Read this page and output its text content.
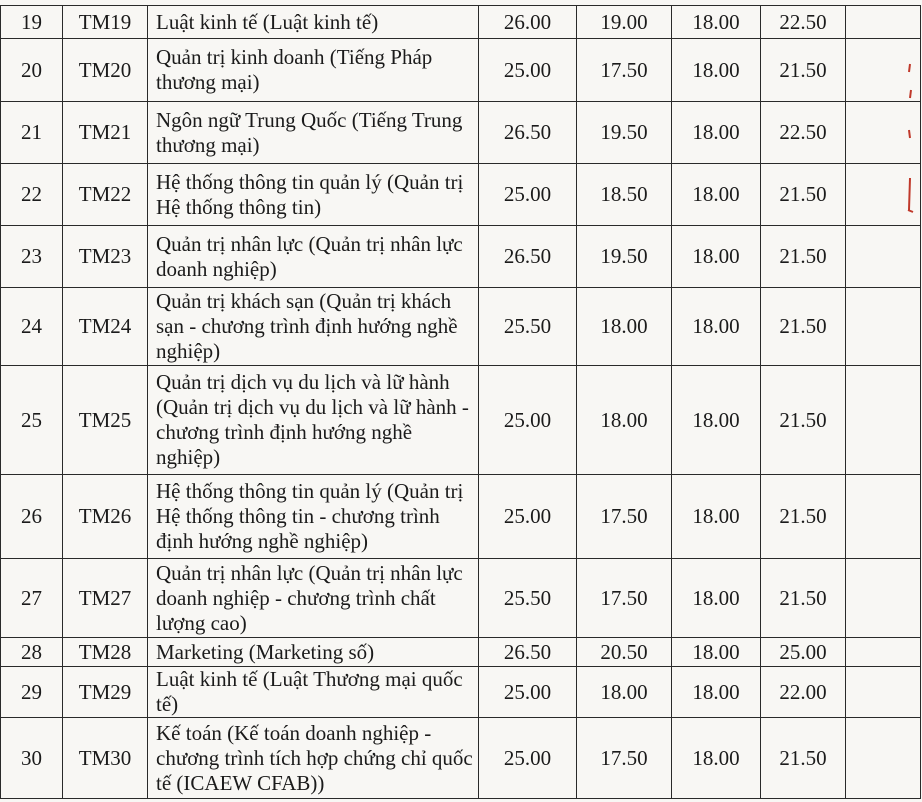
19	TM19	Luật kinh tế (Luật kinh tế)	26.00	19.00	18.00	22.50	
20	TM20	Quản trị kinh doanh (Tiếng Pháp thương mại)	25.00	17.50	18.00	21.50	
21	TM21	Ngôn ngữ Trung Quốc (Tiếng Trung thương mại)	26.50	19.50	18.00	22.50	
22	TM22	Hệ thống thông tin quản lý (Quản trị Hệ thống thông tin)	25.00	18.50	18.00	21.50	
23	TM23	Quản trị nhân lực (Quản trị nhân lực doanh nghiệp)	26.50	19.50	18.00	21.50	
24	TM24	Quản trị khách sạn (Quản trị khách sạn - chương trình định hướng nghề nghiệp)	25.50	18.00	18.00	21.50	
25	TM25	Quản trị dịch vụ du lịch và lữ hành (Quản trị dịch vụ du lịch và lữ hành - chương trình định hướng nghề nghiệp)	25.00	18.00	18.00	21.50	
26	TM26	Hệ thống thông tin quản lý (Quản trị Hệ thống thông tin - chương trình định hướng nghề nghiệp)	25.00	17.50	18.00	21.50	
27	TM27	Quản trị nhân lực (Quản trị nhân lực doanh nghiệp - chương trình chất lượng cao)	25.50	17.50	18.00	21.50	
28	TM28	Marketing (Marketing số)	26.50	20.50	18.00	25.00	
29	TM29	Luật kinh tế (Luật Thương mại quốc tế)	25.00	18.00	18.00	22.00	
30	TM30	Kế toán (Kế toán doanh nghiệp - chương trình tích hợp chứng chỉ quốc tế (ICAEW CFAB))	25.00	17.50	18.00	21.50	
